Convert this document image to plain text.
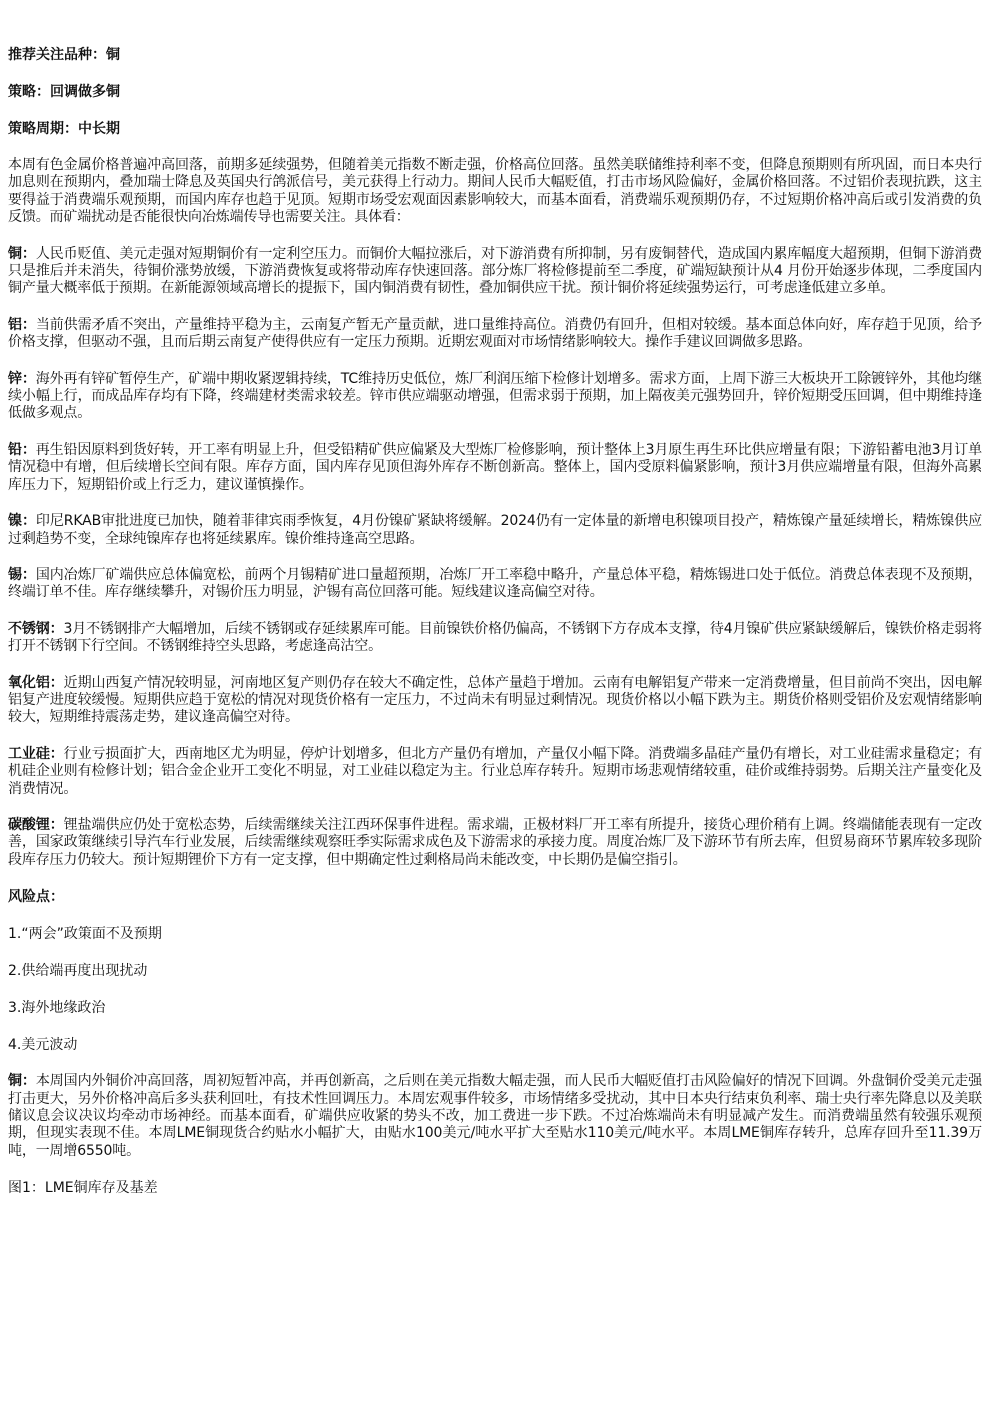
推荐关注品种：铜
策略：回调做多铜
策略周期：中长期

本周有色金属价格普遍冲高回落，前期多延续强势，但随着美元指数不断走强，价格高位回落。虽然美联储维持利率不变，但降息预期则有所巩固，而日本央行加息则在预期内，叠加瑞士降息及英国央行鸽派信号，美元获得上行动力。期间人民币大幅贬值，打击市场风险偏好，金属价格回落。不过铝价表现抗跌，这主要得益于消费端乐观预期，而国内库存也趋于见顶。短期市场受宏观面因素影响较大，而基本面看，消费端乐观预期仍存，不过短期价格冲高后或引发消费的负反馈。而矿端扰动是否能很快向冶炼端传导也需要关注。具体看：

铜：人民币贬值、美元走强对短期铜价有一定利空压力。而铜价大幅拉涨后，对下游消费有所抑制，另有废铜替代，造成国内累库幅度大超预期，但铜下游消费只是推后并未消失，待铜价涨势放缓，下游消费恢复或将带动库存快速回落。部分炼厂将检修提前至二季度，矿端短缺预计从4 月份开始逐步体现，二季度国内铜产量大概率低于预期。在新能源领域高增长的提振下，国内铜消费有韧性，叠加铜供应干扰。预计铜价将延续强势运行，可考虑逢低建立多单。

铝：当前供需矛盾不突出，产量维持平稳为主，云南复产暂无产量贡献，进口量维持高位。消费仍有回升，但相对较缓。基本面总体向好，库存趋于见顶，给予价格支撑，但驱动不强，且而后期云南复产使得供应有一定压力预期。近期宏观面对市场情绪影响较大。操作手建议回调做多思路。

锌：海外再有锌矿暂停生产，矿端中期收紧逻辑持续，TC维持历史低位，炼厂利润压缩下检修计划增多。需求方面，上周下游三大板块开工除镀锌外，其他均继续小幅上行，而成品库存均有下降，终端建材类需求较差。锌市供应端驱动增强，但需求弱于预期，加上隔夜美元强势回升，锌价短期受压回调，但中期维持逢低做多观点。

铅：再生铅因原料到货好转，开工率有明显上升，但受铅精矿供应偏紧及大型炼厂检修影响，预计整体上3月原生再生环比供应增量有限；下游铅蓄电池3月订单情况稳中有增，但后续增长空间有限。库存方面，国内库存见顶但海外库存不断创新高。整体上，国内受原料偏紧影响，预计3月供应端增量有限，但海外高累库压力下，短期铅价或上行乏力，建议谨慎操作。

镍：印尼RKAB审批进度已加快，随着菲律宾雨季恢复，4月份镍矿紧缺将缓解。2024仍有一定体量的新增电积镍项目投产，精炼镍产量延续增长，精炼镍供应过剩趋势不变，全球纯镍库存也将延续累库。镍价维持逢高空思路。

锡：国内冶炼厂矿端供应总体偏宽松，前两个月锡精矿进口量超预期，冶炼厂开工率稳中略升，产量总体平稳，精炼锡进口处于低位。消费总体表现不及预期，终端订单不佳。库存继续攀升，对锡价压力明显，沪锡有高位回落可能。短线建议逢高偏空对待。

不锈钢：3月不锈钢排产大幅增加，后续不锈钢或存延续累库可能。目前镍铁价格仍偏高，不锈钢下方存成本支撑，待4月镍矿供应紧缺缓解后，镍铁价格走弱将打开不锈钢下行空间。不锈钢维持空头思路，考虑逢高沽空。

氧化铝：近期山西复产情况较明显，河南地区复产则仍存在较大不确定性，总体产量趋于增加。云南有电解铝复产带来一定消费增量，但目前尚不突出，因电解铝复产进度较缓慢。短期供应趋于宽松的情况对现货价格有一定压力，不过尚未有明显过剩情况。现货价格以小幅下跌为主。期货价格则受铝价及宏观情绪影响较大，短期维持震荡走势，建议逢高偏空对待。

工业硅：行业亏损面扩大，西南地区尤为明显，停炉计划增多，但北方产量仍有增加，产量仅小幅下降。消费端多晶硅产量仍有增长，对工业硅需求量稳定；有机硅企业则有检修计划；铝合金企业开工变化不明显，对工业硅以稳定为主。行业总库存转升。短期市场悲观情绪较重，硅价或维持弱势。后期关注产量变化及消费情况。

碳酸锂：锂盐端供应仍处于宽松态势，后续需继续关注江西环保事件进程。需求端，正极材料厂开工率有所提升，接货心理价稍有上调。终端储能表现有一定改善，国家政策继续引导汽车行业发展，后续需继续观察旺季实际需求成色及下游需求的承接力度。周度冶炼厂及下游环节有所去库，但贸易商环节累库较多现阶段库存压力仍较大。预计短期锂价下方有一定支撑，但中期确定性过剩格局尚未能改变，中长期仍是偏空指引。

风险点：
1.“两会”政策面不及预期
2.供给端再度出现扰动
3.海外地缘政治
4.美元波动

铜：本周国内外铜价冲高回落，周初短暂冲高，并再创新高，之后则在美元指数大幅走强，而人民币大幅贬值打击风险偏好的情况下回调。外盘铜价受美元走强打击更大，另外价格冲高后多头获利回吐，有技术性回调压力。本周宏观事件较多，市场情绪多受扰动，其中日本央行结束负利率、瑞士央行率先降息以及美联储议息会议决议均牵动市场神经。而基本面看，矿端供应收紧的势头不改，加工费进一步下跌。不过冶炼端尚未有明显减产发生。而消费端虽然有较强乐观预期，但现实表现不佳。本周LME铜现货合约贴水小幅扩大，由贴水100美元/吨水平扩大至贴水110美元/吨水平。本周LME铜库存转升，总库存回升至11.39万吨，一周增6550吨。

图1：LME铜库存及基差
